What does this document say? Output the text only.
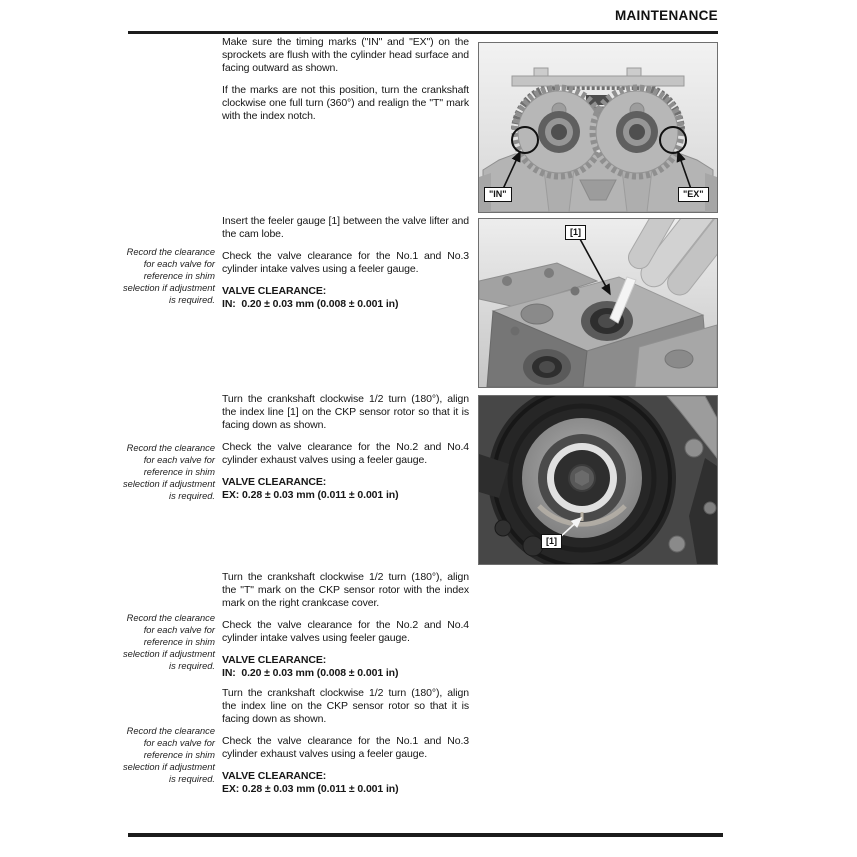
MAINTENANCE

Make sure the timing marks ("IN" and "EX") on the sprockets are flush with the cylinder head surface and facing outward as shown.

If the marks are not this position, turn the crankshaft clockwise one full turn (360°) and realign the "T" mark with the index notch.

"IN"	"EX"
Record the clearance for each valve for reference in shim selection if adjustment is required.

Insert the feeler gauge [1] between the valve lifter and the cam lobe.

Check the valve clearance for the No.1 and No.3 cylinder intake valves using a feeler gauge.

VALVE CLEARANCE:

IN:  0.20 ± 0.03 mm (0.008 ± 0.001 in)

[1]
Record the clearance for each valve for reference in shim selection if adjustment is required.

Turn the crankshaft clockwise 1/2 turn (180°), align the index line [1] on the CKP sensor rotor so that it is facing down as shown.

Check the valve clearance for the No.2 and No.4 cylinder exhaust valves using a feeler gauge.

VALVE CLEARANCE:

EX: 0.28 ± 0.03 mm (0.011 ± 0.001 in)

[1]
Record the clearance for each valve for reference in shim selection if adjustment is required.

Turn the crankshaft clockwise 1/2 turn (180°), align the "T" mark on the CKP sensor rotor with the index mark on the right crankcase cover.

Check the valve clearance for the No.2 and No.4 cylinder intake valves using feeler gauge.

VALVE CLEARANCE:

IN:  0.20 ± 0.03 mm (0.008 ± 0.001 in)

Record the clearance for each valve for reference in shim selection if adjustment is required.

Turn the crankshaft clockwise 1/2 turn (180°), align the index line on the CKP sensor rotor so that it is facing down as shown.

Check the valve clearance for the No.1 and No.3 cylinder exhaust valves using a feeler gauge.

VALVE CLEARANCE:

EX: 0.28 ± 0.03 mm (0.011 ± 0.001 in)
